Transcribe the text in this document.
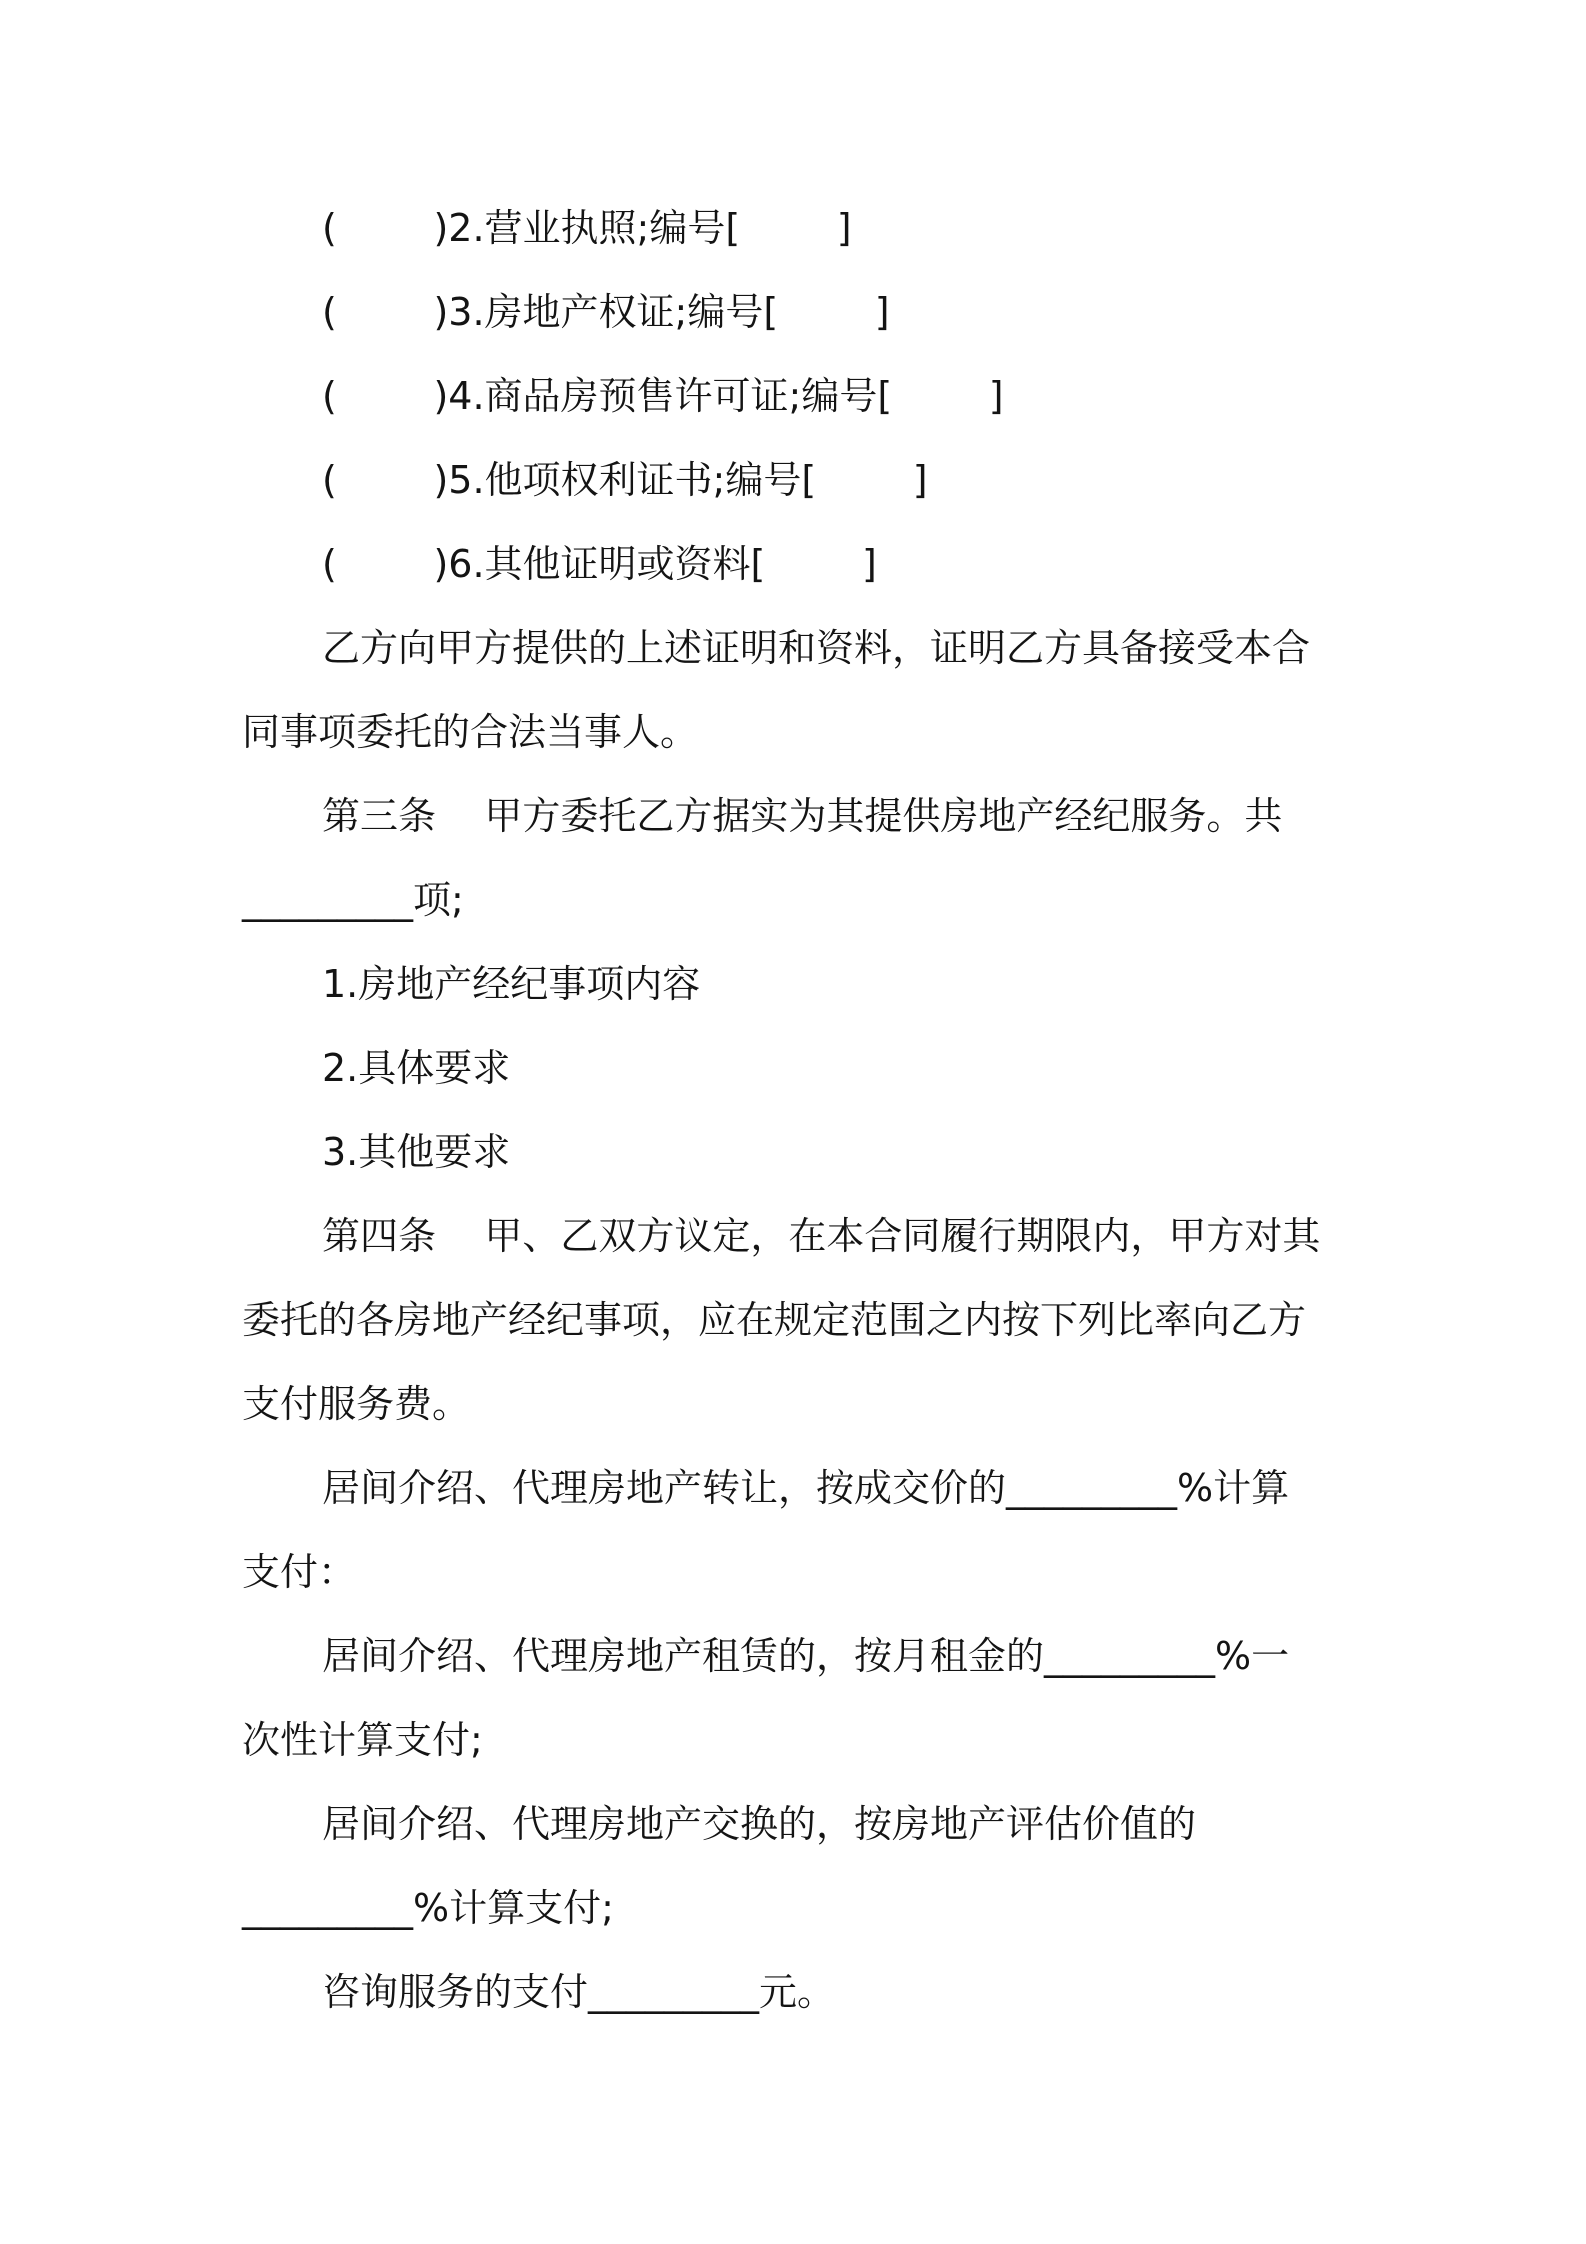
(        )2.营业执照;编号[        ]
(        )3.房地产权证;编号[        ]
(        )4.商品房预售许可证;编号[        ]
(        )5.他项权利证书;编号[        ]
(        )6.其他证明或资料[        ]
乙方向甲方提供的上述证明和资料，证明乙方具备接受本合
同事项委托的合法当事人。
第三条    甲方委托乙方据实为其提供房地产经纪服务。共
_________项;
1.房地产经纪事项内容
2.具体要求
3.其他要求
第四条    甲、乙双方议定，在本合同履行期限内，甲方对其
委托的各房地产经纪事项，应在规定范围之内按下列比率向乙方
支付服务费。
居间介绍、代理房地产转让，按成交价的_________%计算
支付：
居间介绍、代理房地产租赁的，按月租金的_________%一
次性计算支付;
居间介绍、代理房地产交换的，按房地产评估价值的
_________%计算支付;
咨询服务的支付_________元。
